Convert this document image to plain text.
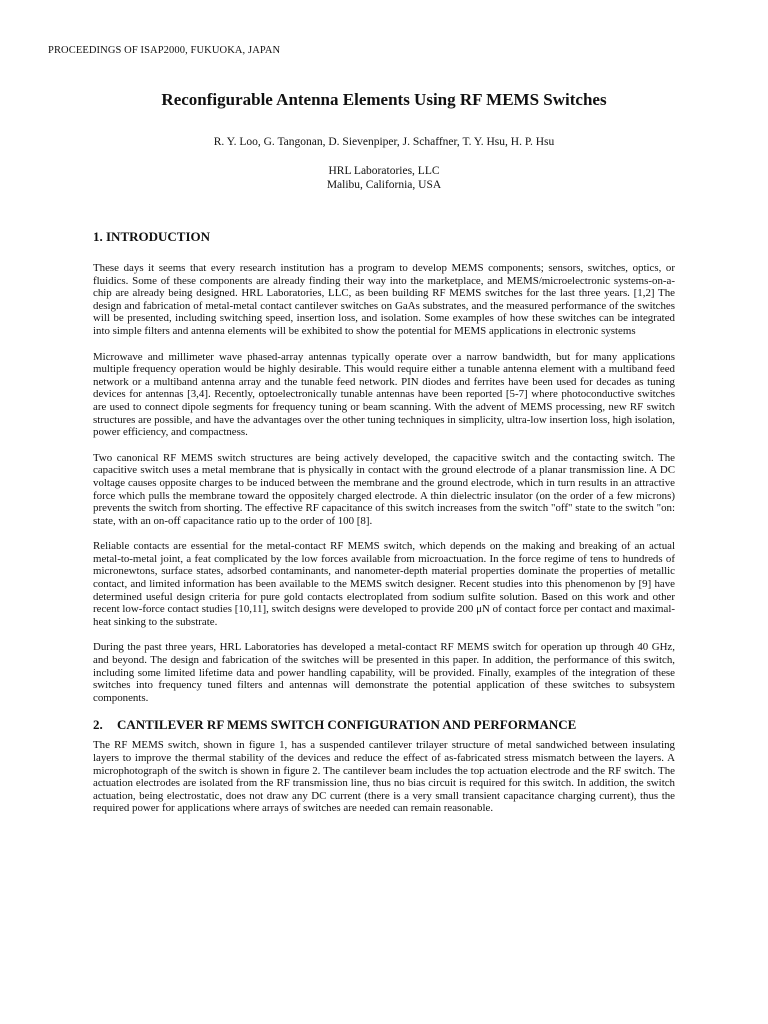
PROCEEDINGS OF ISAP2000, FUKUOKA, JAPAN
Reconfigurable Antenna Elements Using RF MEMS Switches
R. Y. Loo, G. Tangonan, D. Sievenpiper, J. Schaffner, T. Y. Hsu, H. P. Hsu
HRL Laboratories, LLC
Malibu, California, USA
1. INTRODUCTION

These days it seems that every research institution has a program to develop MEMS components; sensors, switches, optics, or fluidics. Some of these components are already finding their way into the marketplace, and MEMS/microelectronic systems-on-a-chip are already being designed. HRL Laboratories, LLC, as been building RF MEMS switches for the last three years. [1,2] The design and fabrication of metal-metal contact cantilever switches on GaAs substrates, and the measured performance of the switches will be presented, including switching speed, insertion loss, and isolation. Some examples of how these switches can be integrated into simple filters and antenna elements will be exhibited to show the potential for MEMS applications in electronic systems

Microwave and millimeter wave phased-array antennas typically operate over a narrow bandwidth, but for many applications multiple frequency operation would be highly desirable. This would require either a tunable antenna element with a multiband feed network or a multiband antenna array and the tunable feed network. PIN diodes and ferrites have been used for decades as tuning devices for antennas [3,4]. Recently, optoelectronically tunable antennas have been reported [5-7] where photoconductive switches are used to connect dipole segments for frequency tuning or beam scanning. With the advent of MEMS processing, new RF switch structures are possible, and have the advantages over the other tuning techniques in simplicity, ultra-low insertion loss, high isolation, power efficiency, and compactness.

Two canonical RF MEMS switch structures are being actively developed, the capacitive switch and the contacting switch. The capacitive switch uses a metal membrane that is physically in contact with the ground electrode of a planar transmission line. A DC voltage causes opposite charges to be induced between the membrane and the ground electrode, which in turn results in an attractive force which pulls the membrane toward the oppositely charged electrode. A thin dielectric insulator (on the order of a few microns) prevents the switch from shorting. The effective RF capacitance of this switch increases from the switch "off" state to the switch "on: state, with an on-off capacitance ratio up to the order of 100 [8].

Reliable contacts are essential for the metal-contact RF MEMS switch, which depends on the making and breaking of an actual metal-to-metal joint, a feat complicated by the low forces available from microactuation. In the force regime of tens to hundreds of micronewtons, surface states, adsorbed contaminants, and nanometer-depth material properties dominate the properties of metallic contact, and limited information has been available to the MEMS switch designer. Recent studies into this phenomenon by [9] have determined useful design criteria for pure gold contacts electroplated from sodium sulfite solution. Based on this work and other recent low-force contact studies [10,11], switch designs were developed to provide 200 μN of contact force per contact and maximal-heat sinking to the substrate.

During the past three years, HRL Laboratories has developed a metal-contact RF MEMS switch for operation up through 40 GHz, and beyond. The design and fabrication of the switches will be presented in this paper. In addition, the performance of this switch, including some limited lifetime data and power handling capability, will be provided. Finally, examples of the integration of these switches into frequency tuned filters and antennas will demonstrate the potential application of these switches to subsystem components.

2. CANTILEVER RF MEMS SWITCH CONFIGURATION AND PERFORMANCE

The RF MEMS switch, shown in figure 1, has a suspended cantilever trilayer structure of metal sandwiched between insulating layers to improve the thermal stability of the devices and reduce the effect of as-fabricated stress mismatch between the layers. A microphotograph of the switch is shown in figure 2. The cantilever beam includes the top actuation electrode and the RF switch. The actuation electrodes are isolated from the RF transmission line, thus no bias circuit is required for this switch. In addition, the switch actuation, being electrostatic, does not draw any DC current (there is a very small transient capacitance charging current), thus the required power for applications where arrays of switches are needed can remain reasonable.
